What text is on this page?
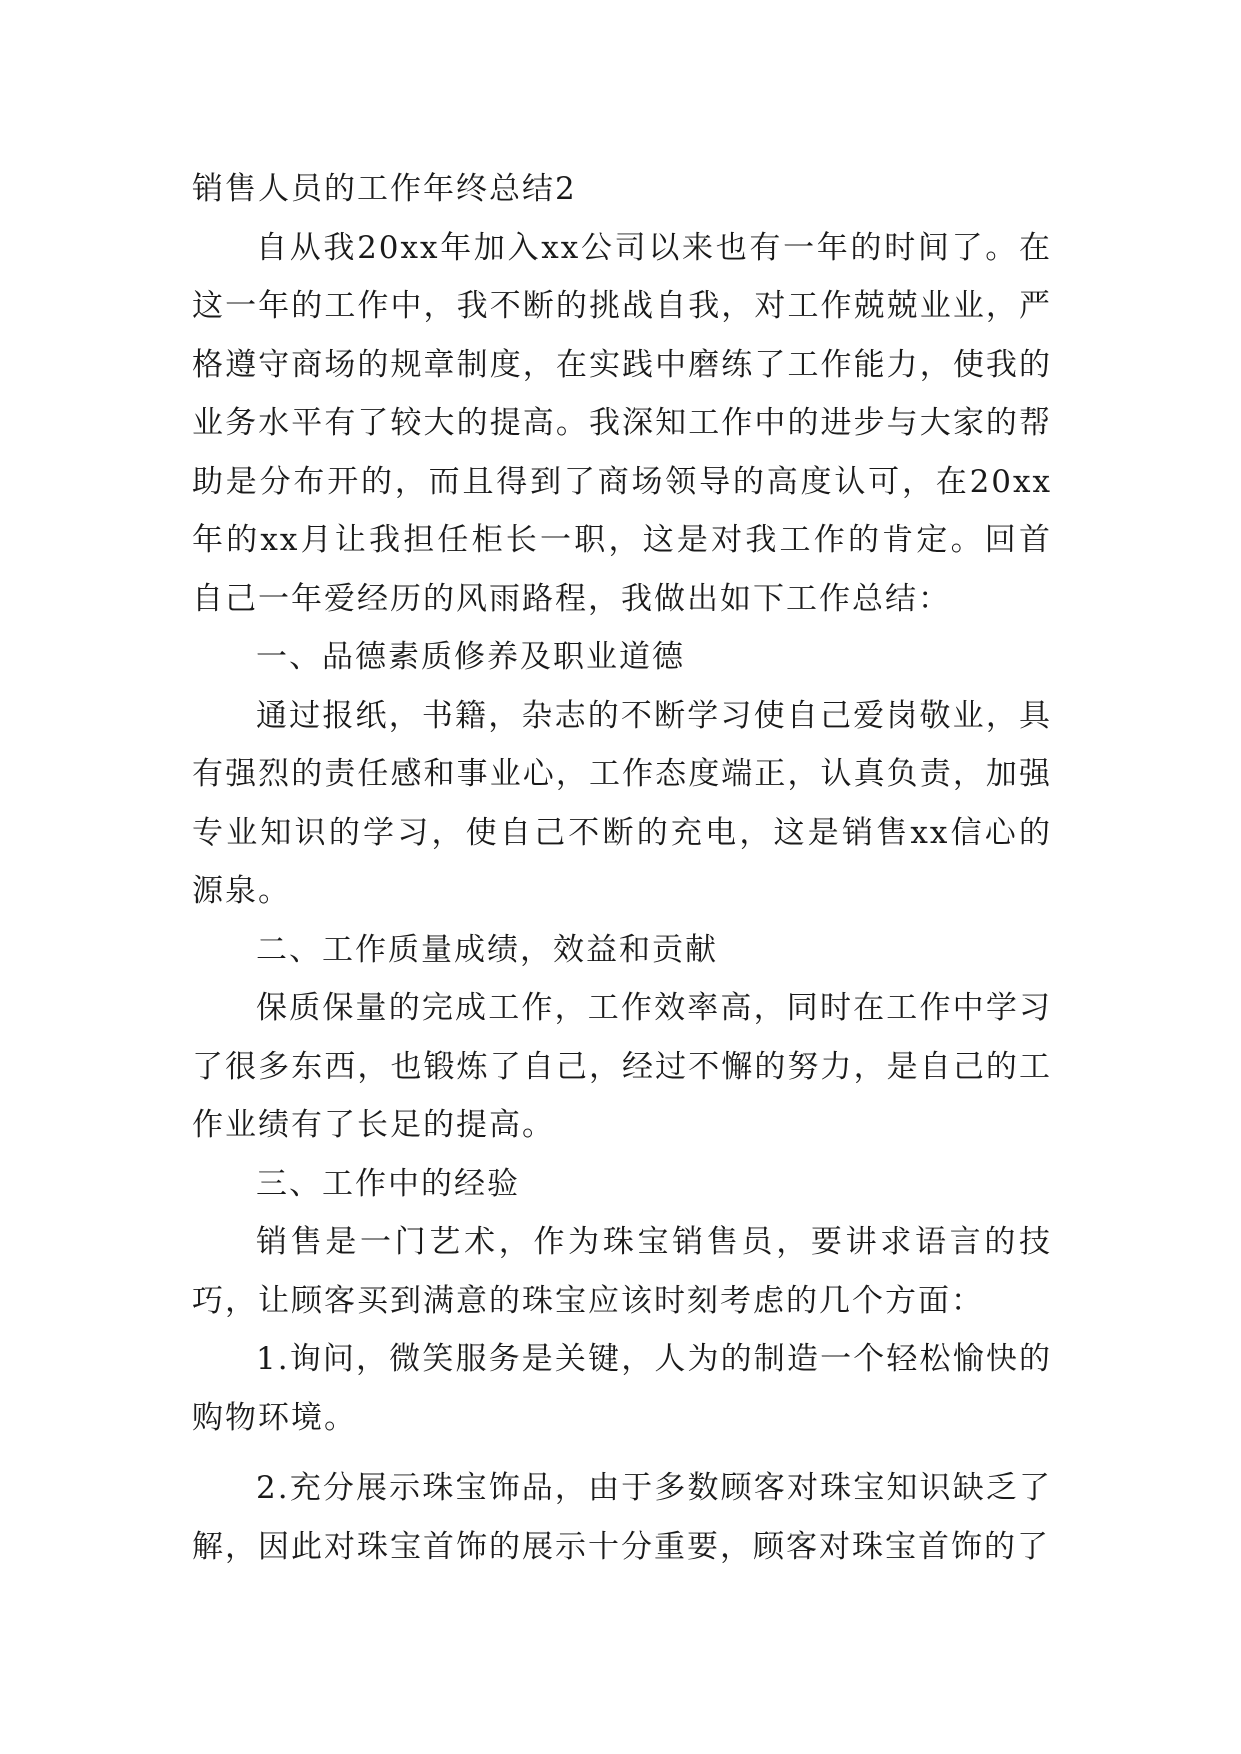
销售人员的工作年终总结2

自从我20xx年加入xx公司以来也有一年的时间了。在这一年的工作中，我不断的挑战自我，对工作兢兢业业，严格遵守商场的规章制度，在实践中磨练了工作能力，使我的业务水平有了较大的提高。我深知工作中的进步与大家的帮助是分布开的，而且得到了商场领导的高度认可，在20xx年的xx月让我担任柜长一职，这是对我工作的肯定。回首自己一年爱经历的风雨路程，我做出如下工作总结：

一、品德素质修养及职业道德

通过报纸，书籍，杂志的不断学习使自己爱岗敬业，具有强烈的责任感和事业心，工作态度端正，认真负责，加强专业知识的学习，使自己不断的充电，这是销售xx信心的源泉。

二、工作质量成绩，效益和贡献

保质保量的完成工作，工作效率高，同时在工作中学习了很多东西，也锻炼了自己，经过不懈的努力，是自己的工作业绩有了长足的提高。

三、工作中的经验

销售是一门艺术，作为珠宝销售员，要讲求语言的技巧，让顾客买到满意的珠宝应该时刻考虑的几个方面：

1.询问，微笑服务是关键，人为的制造一个轻松愉快的购物环境。

2.充分展示珠宝饰品，由于多数顾客对珠宝知识缺乏了解，因此对珠宝首饰的展示十分重要，顾客对珠宝首饰的了
